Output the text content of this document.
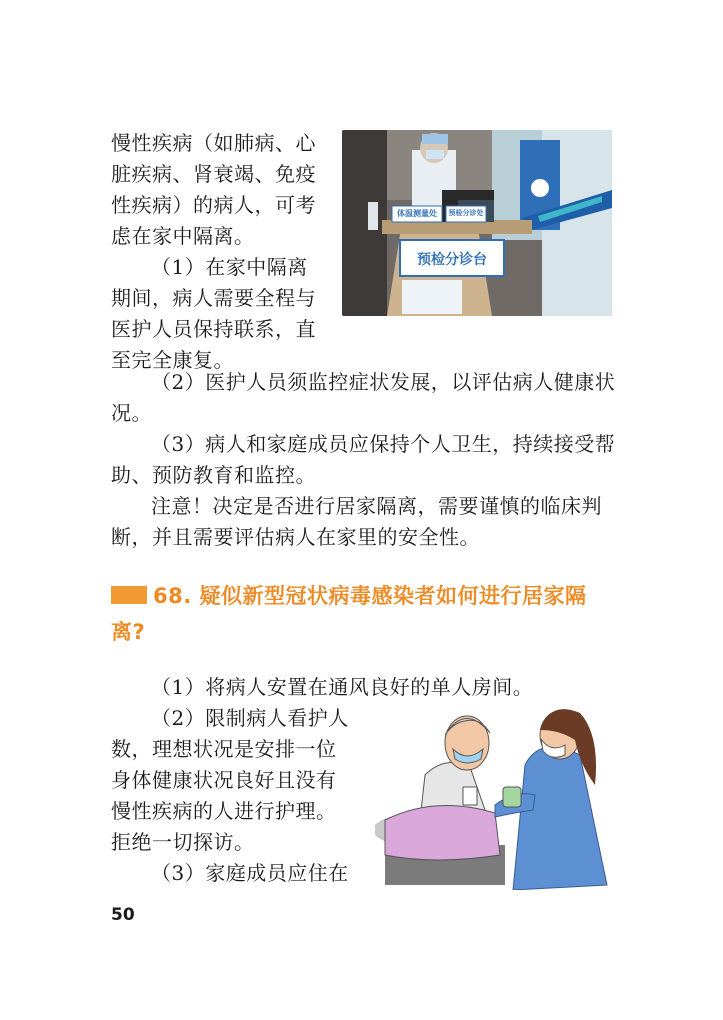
慢性疾病（如肺病、心脏疾病、肾衰竭、免疫性疾病）的病人，可考虑在家中隔离。

（1）在家中隔离期间，病人需要全程与医护人员保持联系，直至完全康复。

体温测量处	预检分诊处
预检分诊台

（2）医护人员须监控症状发展，以评估病人健康状况。

（3）病人和家庭成员应保持个人卫生，持续接受帮助、预防教育和监控。

注意！决定是否进行居家隔离，需要谨慎的临床判断，并且需要评估病人在家里的安全性。

68. 疑似新型冠状病毒感染者如何进行居家隔离?

（1）将病人安置在通风良好的单人房间。

（2）限制病人看护人数，理想状况是安排一位身体健康状况良好且没有慢性疾病的人进行护理。拒绝一切探访。

（3）家庭成员应住在

50
